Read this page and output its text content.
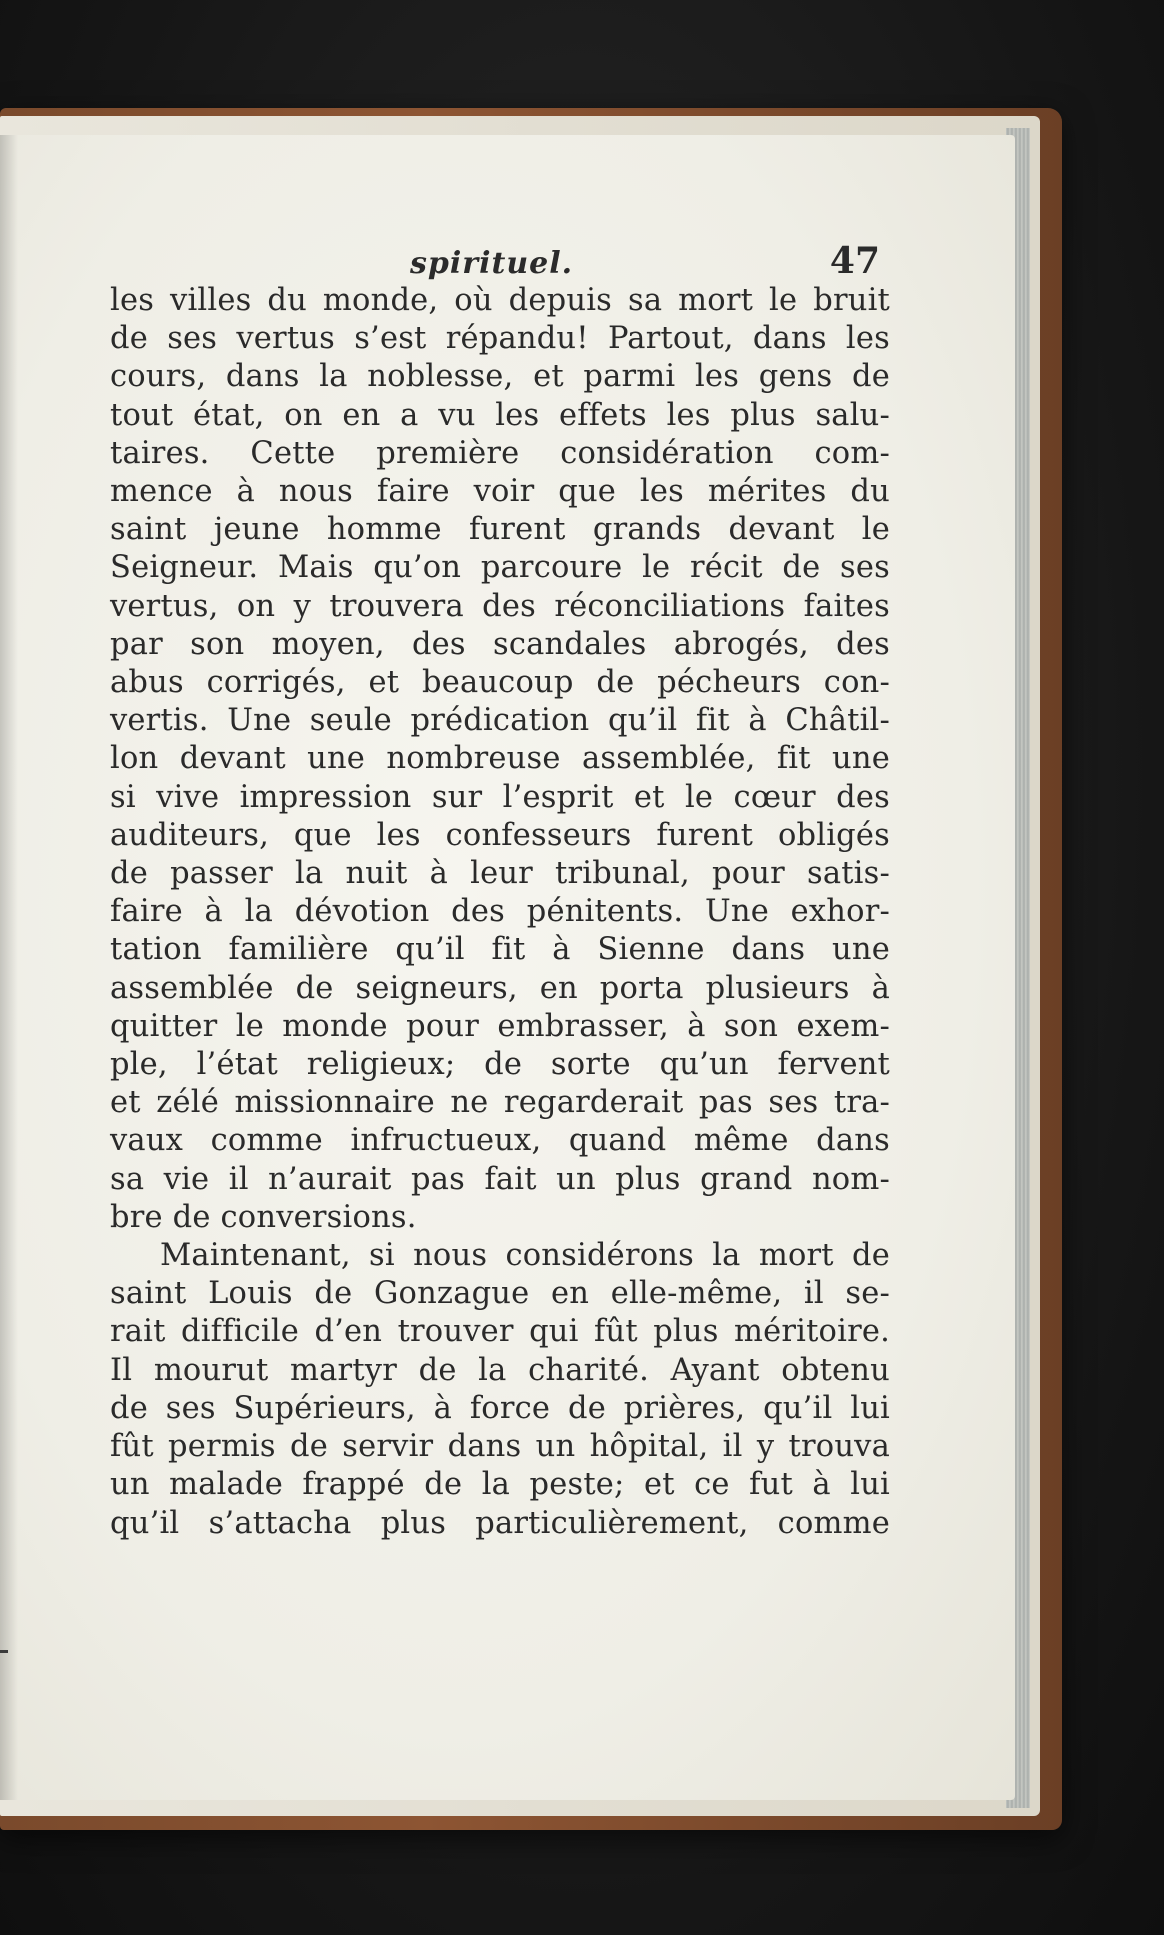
spirituel.	47
les villes du monde, où depuis sa mort le bruit
de ses vertus s’est répandu! Partout, dans les
cours, dans la noblesse, et parmi les gens de
tout état, on en a vu les effets les plus salu-
taires. Cette première considération com-
mence à nous faire voir que les mérites du
saint jeune homme furent grands devant le
Seigneur. Mais qu’on parcoure le récit de ses
vertus, on y trouvera des réconciliations faites
par son moyen, des scandales abrogés, des
abus corrigés, et beaucoup de pécheurs con-
vertis. Une seule prédication qu’il fit à Châtil-
lon devant une nombreuse assemblée, fit une
si vive impression sur l’esprit et le cœur des
auditeurs, que les confesseurs furent obligés
de passer la nuit à leur tribunal, pour satis-
faire à la dévotion des pénitents. Une exhor-
tation familière qu’il fit à Sienne dans une
assemblée de seigneurs, en porta plusieurs à
quitter le monde pour embrasser, à son exem-
ple, l’état religieux; de sorte qu’un fervent
et zélé missionnaire ne regarderait pas ses tra-
vaux comme infructueux, quand même dans
sa vie il n’aurait pas fait un plus grand nom-
bre de conversions.
Maintenant, si nous considérons la mort de
saint Louis de Gonzague en elle-même, il se-
rait difficile d’en trouver qui fût plus méritoire.
Il mourut martyr de la charité. Ayant obtenu
de ses Supérieurs, à force de prières, qu’il lui
fût permis de servir dans un hôpital, il y trouva
un malade frappé de la peste; et ce fut à lui
qu’il s’attacha plus particulièrement, comme
